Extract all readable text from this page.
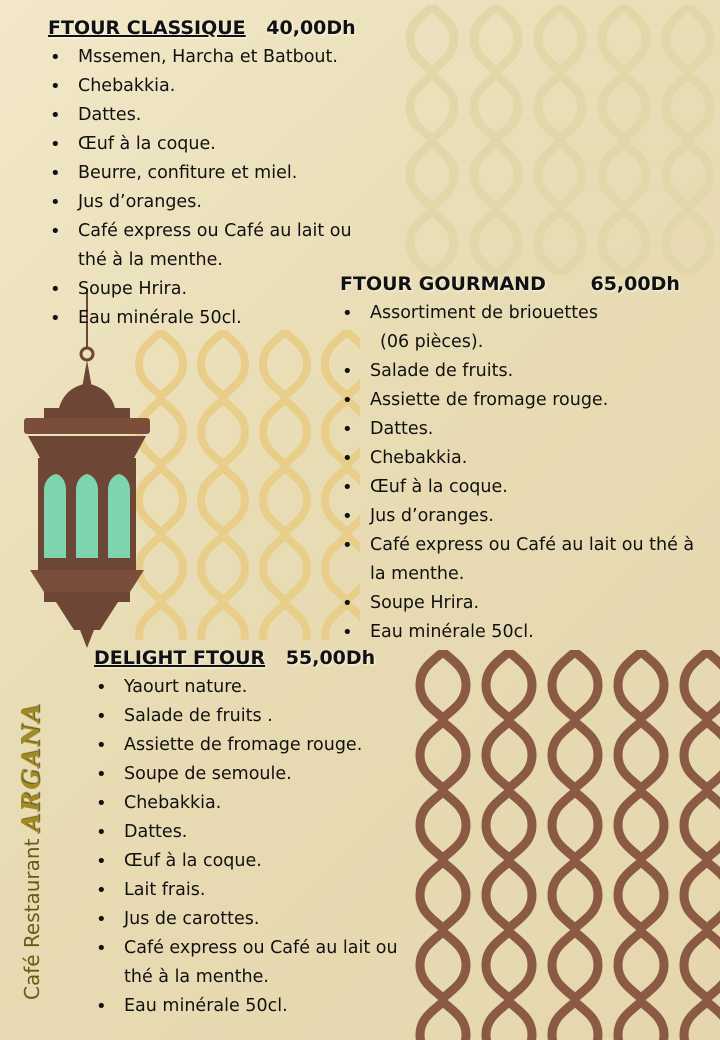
FTOUR CLASSIQUE 40,00Dh
• Mssemen, Harcha et Batbout.
• Chebakkia.
• Dattes.
• Œuf à la coque.
• Beurre, confiture et miel.
• Jus d’oranges.
• Café express ou Café au lait ou
thé à la menthe.
• Soupe Hrira.
• Eau minérale 50cl.
FTOUR GOURMAND 65,00Dh
• Assortiment de briouettes
(06 pièces).
• Salade de fruits.
• Assiette de fromage rouge.
• Dattes.
• Chebakkia.
• Œuf à la coque.
• Jus d’oranges.
• Café express ou Café au lait ou thé à
la menthe.
• Soupe Hrira.
• Eau minérale 50cl.
DELIGHT FTOUR 55,00Dh
• Yaourt nature.
• Salade de fruits .
• Assiette de fromage rouge.
• Soupe de semoule.
• Chebakkia.
• Dattes.
• Œuf à la coque.
• Lait frais.
• Jus de carottes.
• Café express ou Café au lait ou
thé à la menthe.
• Eau minérale 50cl.
Café Restaurant ARGANA
